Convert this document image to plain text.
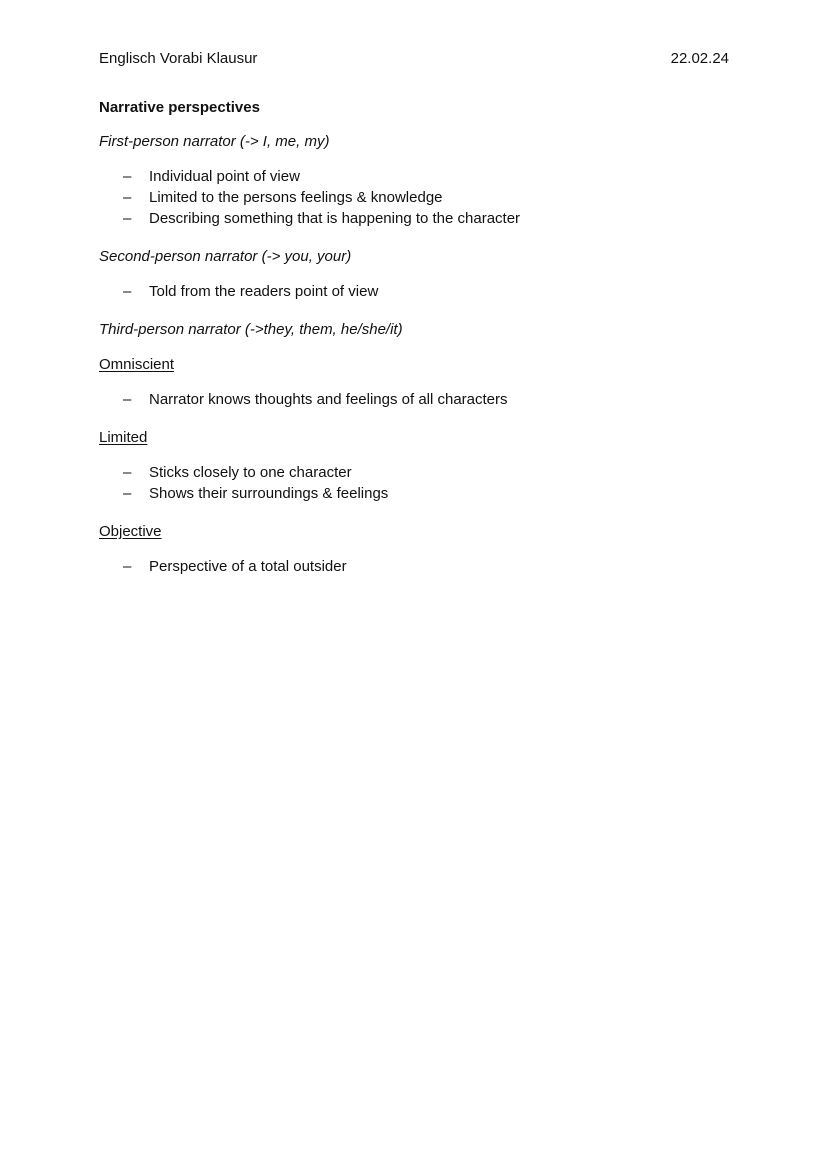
Englisch Vorabi Klausur	22.02.24
Narrative perspectives
First-person narrator (-> I, me, my)
– Individual point of view
– Limited to the persons feelings & knowledge
– Describing something that is happening to the character
Second-person narrator (-> you, your)
– Told from the readers point of view
Third-person narrator (->they, them, he/she/it)
Omniscient
– Narrator knows thoughts and feelings of all characters
Limited
– Sticks closely to one character
– Shows their surroundings & feelings
Objective
– Perspective of a total outsider
